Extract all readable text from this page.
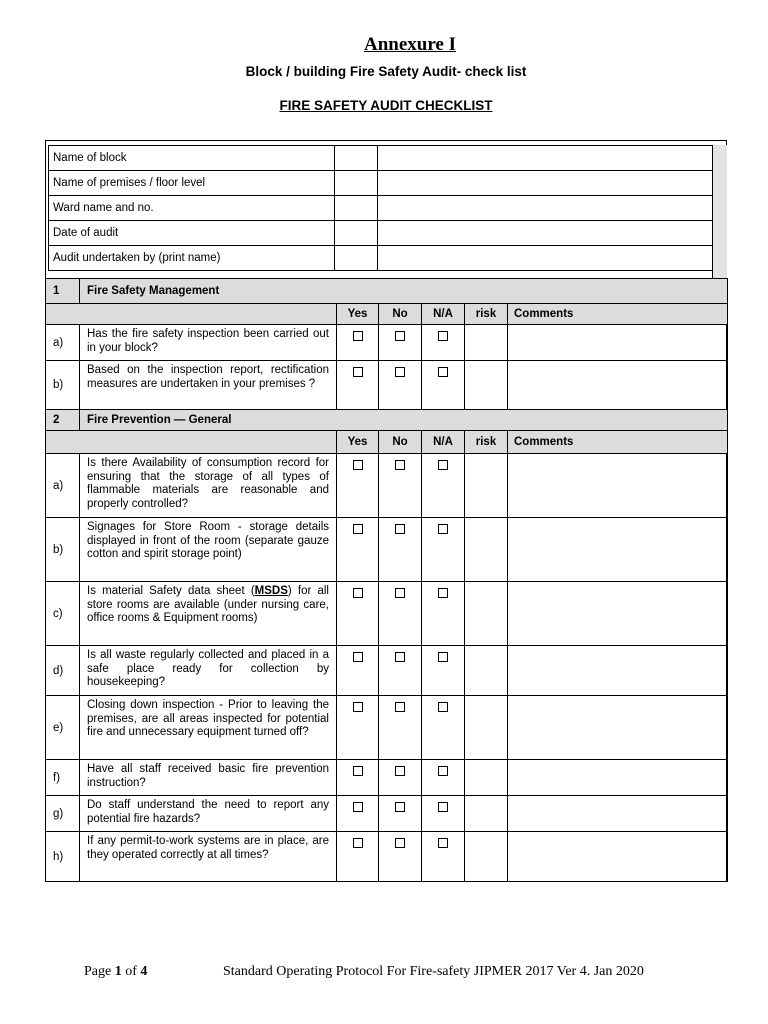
Annexure I
Block / building Fire Safety Audit- check list
FIRE SAFETY AUDIT CHECKLIST
Name of block		
Name of premises / floor level		
Ward name and no.		
Date of audit		
Audit undertaken by (print name)		
1	Fire Safety Management					
		Yes	No	N/A	risk	Comments
a)	Has the fire safety inspection been carried out in your block?					
b)	Based on the inspection report, rectification measures are undertaken in your premises ?					
2	Fire Prevention — General					
		Yes	No	N/A	risk	Comments
a)	Is there Availability of consumption record for ensuring that the storage of all types of flammable materials are reasonable and properly controlled?					
b)	Signages for Store Room - storage details displayed in front of the room (separate gauze cotton and spirit storage point)					
c)	Is material Safety data sheet (MSDS) for all store rooms are available (under nursing care, office rooms & Equipment rooms)					
d)	Is all waste regularly collected and placed in a safe place ready for collection by housekeeping?					
e)	Closing down inspection - Prior to leaving the premises, are all areas inspected for potential fire and unnecessary equipment turned off?					
f)	Have all staff received basic fire prevention instruction?					
g)	Do staff understand the need to report any potential fire hazards?					
h)	If any permit-to-work systems are in place, are they operated correctly at all times?					
Page 1 of 4	Standard Operating Protocol For Fire-safety JIPMER 2017 Ver 4. Jan 2020
